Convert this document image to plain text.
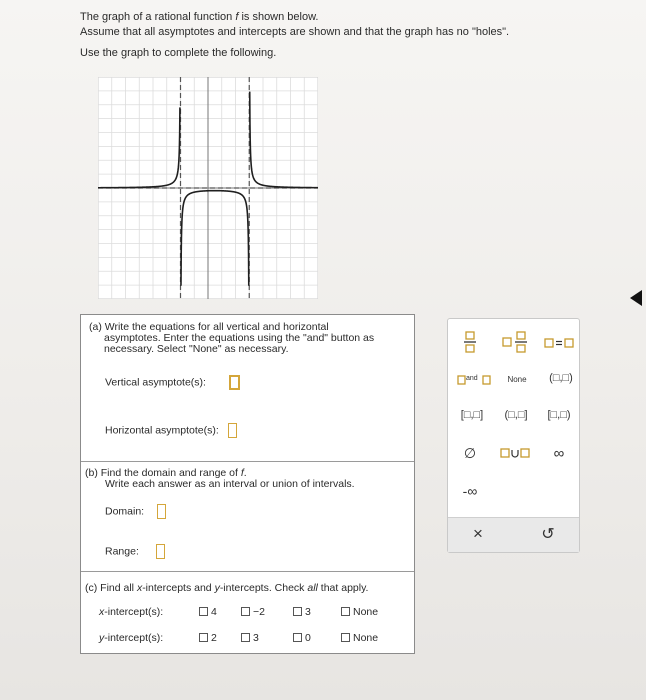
The graph of a rational function f is shown below.
Assume that all asymptotes and intercepts are shown and that the graph has no "holes".
Use the graph to complete the following.
(a) Write the equations for all vertical and horizontal
asymptotes. Enter the equations using the "and" button as
necessary. Select "None" as necessary.
Vertical asymptote(s):
Horizontal asymptote(s):
(b) Find the domain and range of f.
Write each answer as an interval or union of intervals.
Domain:
Range:
(c) Find all x-intercepts and y-intercepts. Check all that apply.
x-intercept(s):	4	−2	3	None
y-intercept(s):	2	3	0	None
and	None	(□,□)
[□,□]	(□,□]	[□,□)
∅	∞
-∞
×	↺
